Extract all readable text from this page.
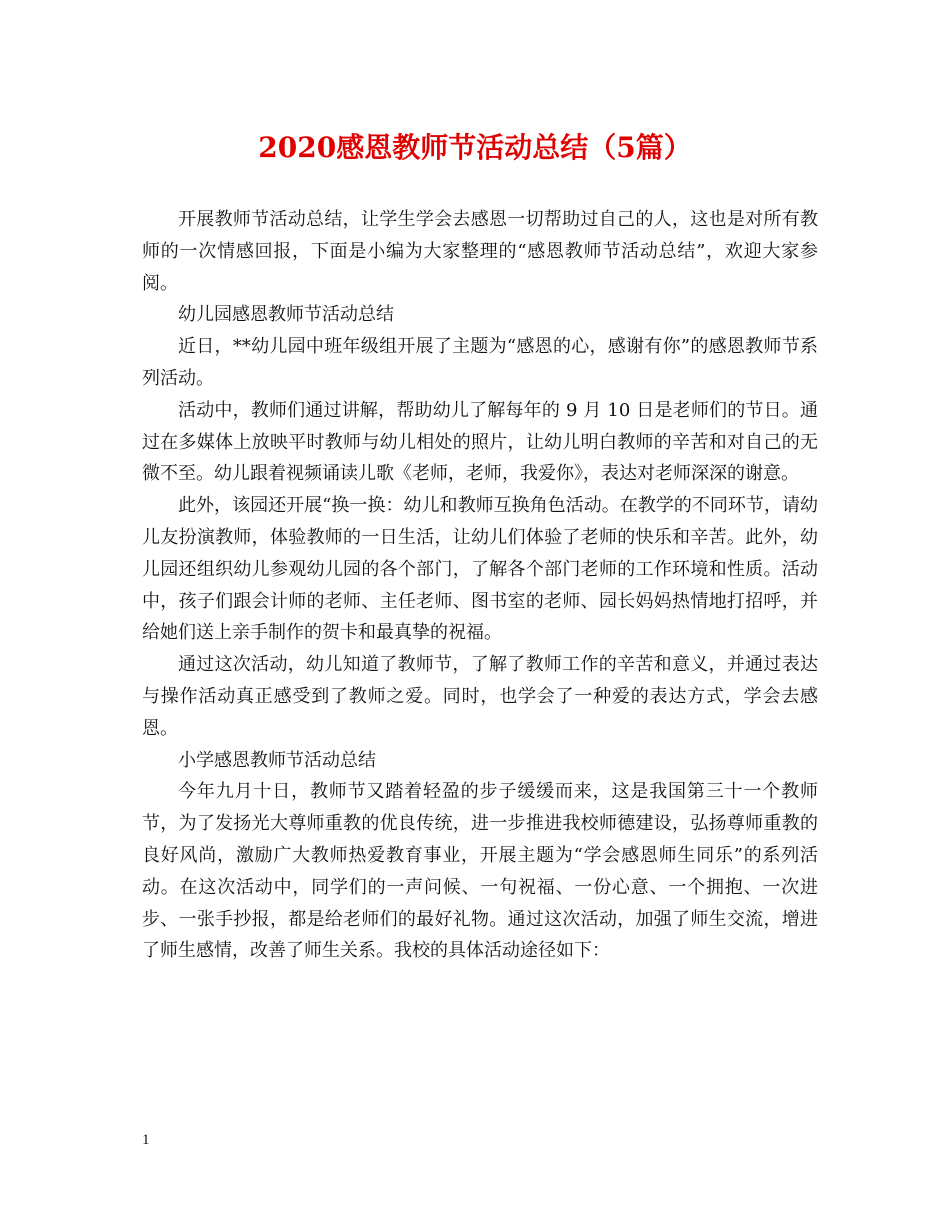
2020感恩教师节活动总结（5篇）

开展教师节活动总结，让学生学会去感恩一切帮助过自己的人，这也是对所有教师的一次情感回报，下面是小编为大家整理的“感恩教师节活动总结”，欢迎大家参阅。

幼儿园感恩教师节活动总结

近日，**幼儿园中班年级组开展了主题为“感恩的心，感谢有你”的感恩教师节系列活动。

活动中，教师们通过讲解，帮助幼儿了解每年的 9 月 10 日是老师们的节日。通过在多媒体上放映平时教师与幼儿相处的照片，让幼儿明白教师的辛苦和对自己的无微不至。幼儿跟着视频诵读儿歌《老师，老师，我爱你》，表达对老师深深的谢意。

此外，该园还开展“换一换：幼儿和教师互换角色活动。在教学的不同环节，请幼儿友扮演教师，体验教师的一日生活，让幼儿们体验了老师的快乐和辛苦。此外，幼儿园还组织幼儿参观幼儿园的各个部门，了解各个部门老师的工作环境和性质。活动中，孩子们跟会计师的老师、主任老师、图书室的老师、园长妈妈热情地打招呼，并给她们送上亲手制作的贺卡和最真挚的祝福。

通过这次活动，幼儿知道了教师节，了解了教师工作的辛苦和意义，并通过表达与操作活动真正感受到了教师之爱。同时，也学会了一种爱的表达方式，学会去感恩。

小学感恩教师节活动总结

今年九月十日，教师节又踏着轻盈的步子缓缓而来，这是我国第三十一个教师节，为了发扬光大尊师重教的优良传统，进一步推进我校师德建设，弘扬尊师重教的良好风尚，激励广大教师热爱教育事业，开展主题为“学会感恩师生同乐”的系列活动。在这次活动中，同学们的一声问候、一句祝福、一份心意、一个拥抱、一次进步、一张手抄报，都是给老师们的最好礼物。通过这次活动，加强了师生交流，增进了师生感情，改善了师生关系。我校的具体活动途径如下：

1
